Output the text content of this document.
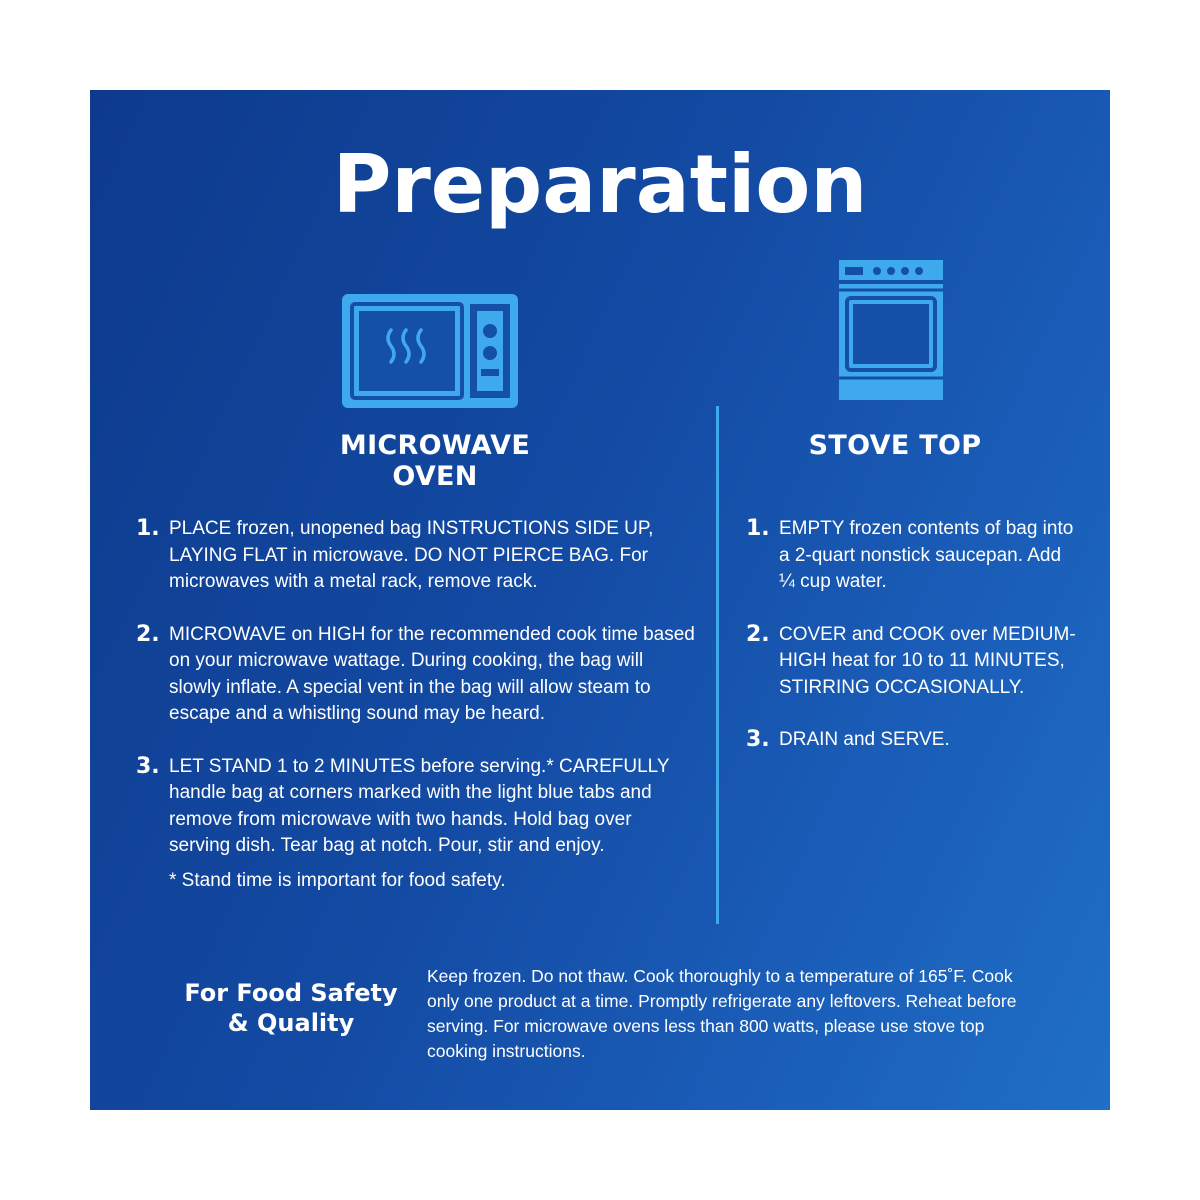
Preparation
MICROWAVE OVEN
STOVE TOP
1. PLACE frozen, unopened bag INSTRUCTIONS SIDE UP, LAYING FLAT in microwave. DO NOT PIERCE BAG. For microwaves with a metal rack, remove rack.
2. MICROWAVE on HIGH for the recommended cook time based on your microwave wattage. During cooking, the bag will slowly inflate. A special vent in the bag will allow steam to escape and a whistling sound may be heard.
3. LET STAND 1 to 2 MINUTES before serving.* CAREFULLY handle bag at corners marked with the light blue tabs and remove from microwave with two hands. Hold bag over serving dish. Tear bag at notch. Pour, stir and enjoy.

* Stand time is important for food safety.

1. EMPTY frozen contents of bag into a 2-quart nonstick saucepan. Add ¼ cup water.
2. COVER and COOK over MEDIUM-HIGH heat for 10 to 11 MINUTES, STIRRING OCCASIONALLY.
3. DRAIN and SERVE.
For Food Safety
& Quality

Keep frozen. Do not thaw. Cook thoroughly to a temperature of 165˚F. Cook only one product at a time. Promptly refrigerate any leftovers. Reheat before serving. For microwave ovens less than 800 watts, please use stove top cooking instructions.
